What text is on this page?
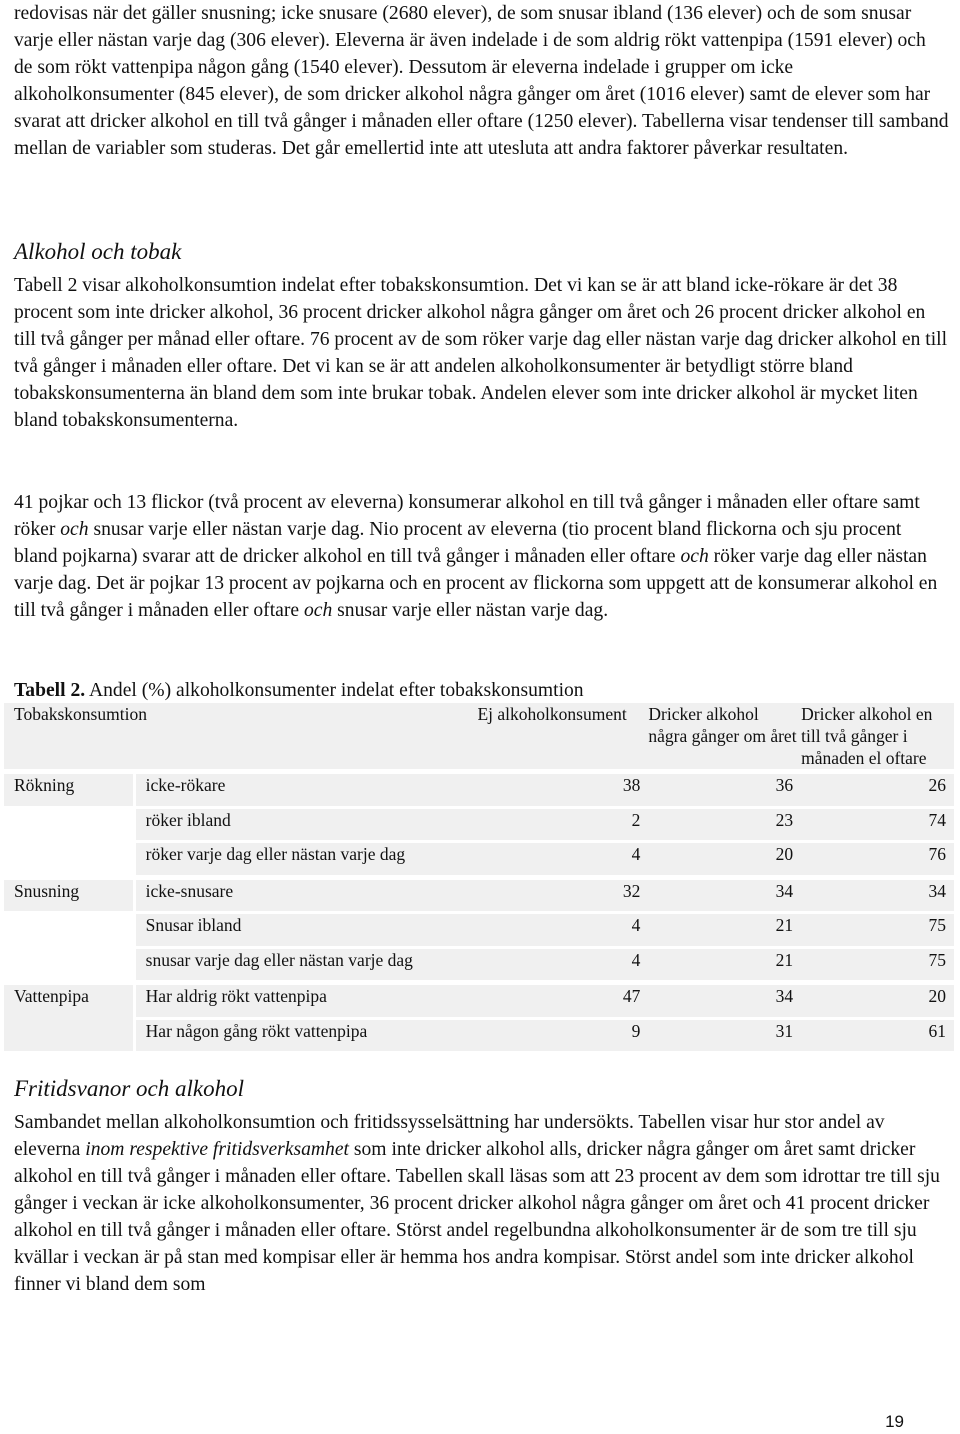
redovisas när det gäller snusning; icke snusare (2680 elever), de som snusar ibland (136 elever) och de som snusar varje eller nästan varje dag (306 elever). Eleverna är även indelade i de som aldrig rökt vattenpipa (1591 elever) och de som rökt vattenpipa någon gång (1540 elever). Dessutom är eleverna indelade i grupper om icke alkoholkonsumenter (845 elever), de som dricker alkohol några gånger om året (1016 elever) samt de elever som har svarat att dricker alkohol en till två gånger i månaden eller oftare (1250 elever). Tabellerna visar tendenser till samband mellan de variabler som studeras. Det går emellertid inte att utesluta att andra faktorer påverkar resultaten.

Alkohol och tobak

Tabell 2 visar alkoholkonsumtion indelat efter tobakskonsumtion. Det vi kan se är att bland icke-rökare är det 38 procent som inte dricker alkohol, 36 procent dricker alkohol några gånger om året och 26 procent dricker alkohol en till två gånger per månad eller oftare. 76 procent av de som röker varje dag eller nästan varje dag dricker alkohol en till två gånger i månaden eller oftare. Det vi kan se är att andelen alkoholkonsumenter är betydligt större bland tobakskonsumenterna än bland dem som inte brukar tobak. Andelen elever som inte dricker alkohol är mycket liten bland tobakskonsumenterna.

41 pojkar och 13 flickor (två procent av eleverna) konsumerar alkohol en till två gånger i månaden eller oftare samt röker och snusar varje eller nästan varje dag. Nio procent av eleverna (tio procent bland flickorna och sju procent bland pojkarna) svarar att de dricker alkohol en till två gånger i månaden eller oftare och röker varje dag eller nästan varje dag. Det är pojkar 13 procent av pojkarna och en procent av flickorna som uppgett att de konsumerar alkohol en till två gånger i månaden eller oftare och snusar varje eller nästan varje dag.

Tabell 2. Andel (%) alkoholkonsumenter indelat efter tobakskonsumtion
Tobakskonsumtion		Ej alkoholkonsument	Dricker alkohol några gånger om året	Dricker alkohol en till två gånger i månaden el oftare
Rökning	icke-rökare	38	36	26
	röker ibland	2	23	74
	röker varje dag eller nästan varje dag	4	20	76
Snusning	icke-snusare	32	34	34
	Snusar ibland	4	21	75
	snusar varje dag eller nästan varje dag	4	21	75
Vattenpipa	Har aldrig rökt vattenpipa	47	34	20
	Har någon gång rökt vattenpipa	9	31	61
Fritidsvanor och alkohol

Sambandet mellan alkoholkonsumtion och fritidssysselsättning har undersökts. Tabellen visar hur stor andel av eleverna inom respektive fritidsverksamhet som inte dricker alkohol alls, dricker några gånger om året samt dricker alkohol en till två gånger i månaden eller oftare. Tabellen skall läsas som att 23 procent av dem som idrottar tre till sju gånger i veckan är icke alkoholkonsumenter, 36 procent dricker alkohol några gånger om året och 41 procent dricker alkohol en till två gånger i månaden eller oftare. Störst andel regelbundna alkoholkonsumenter är de som tre till sju kvällar i veckan är på stan med kompisar eller är hemma hos andra kompisar. Störst andel som inte dricker alkohol finner vi bland dem som

19
